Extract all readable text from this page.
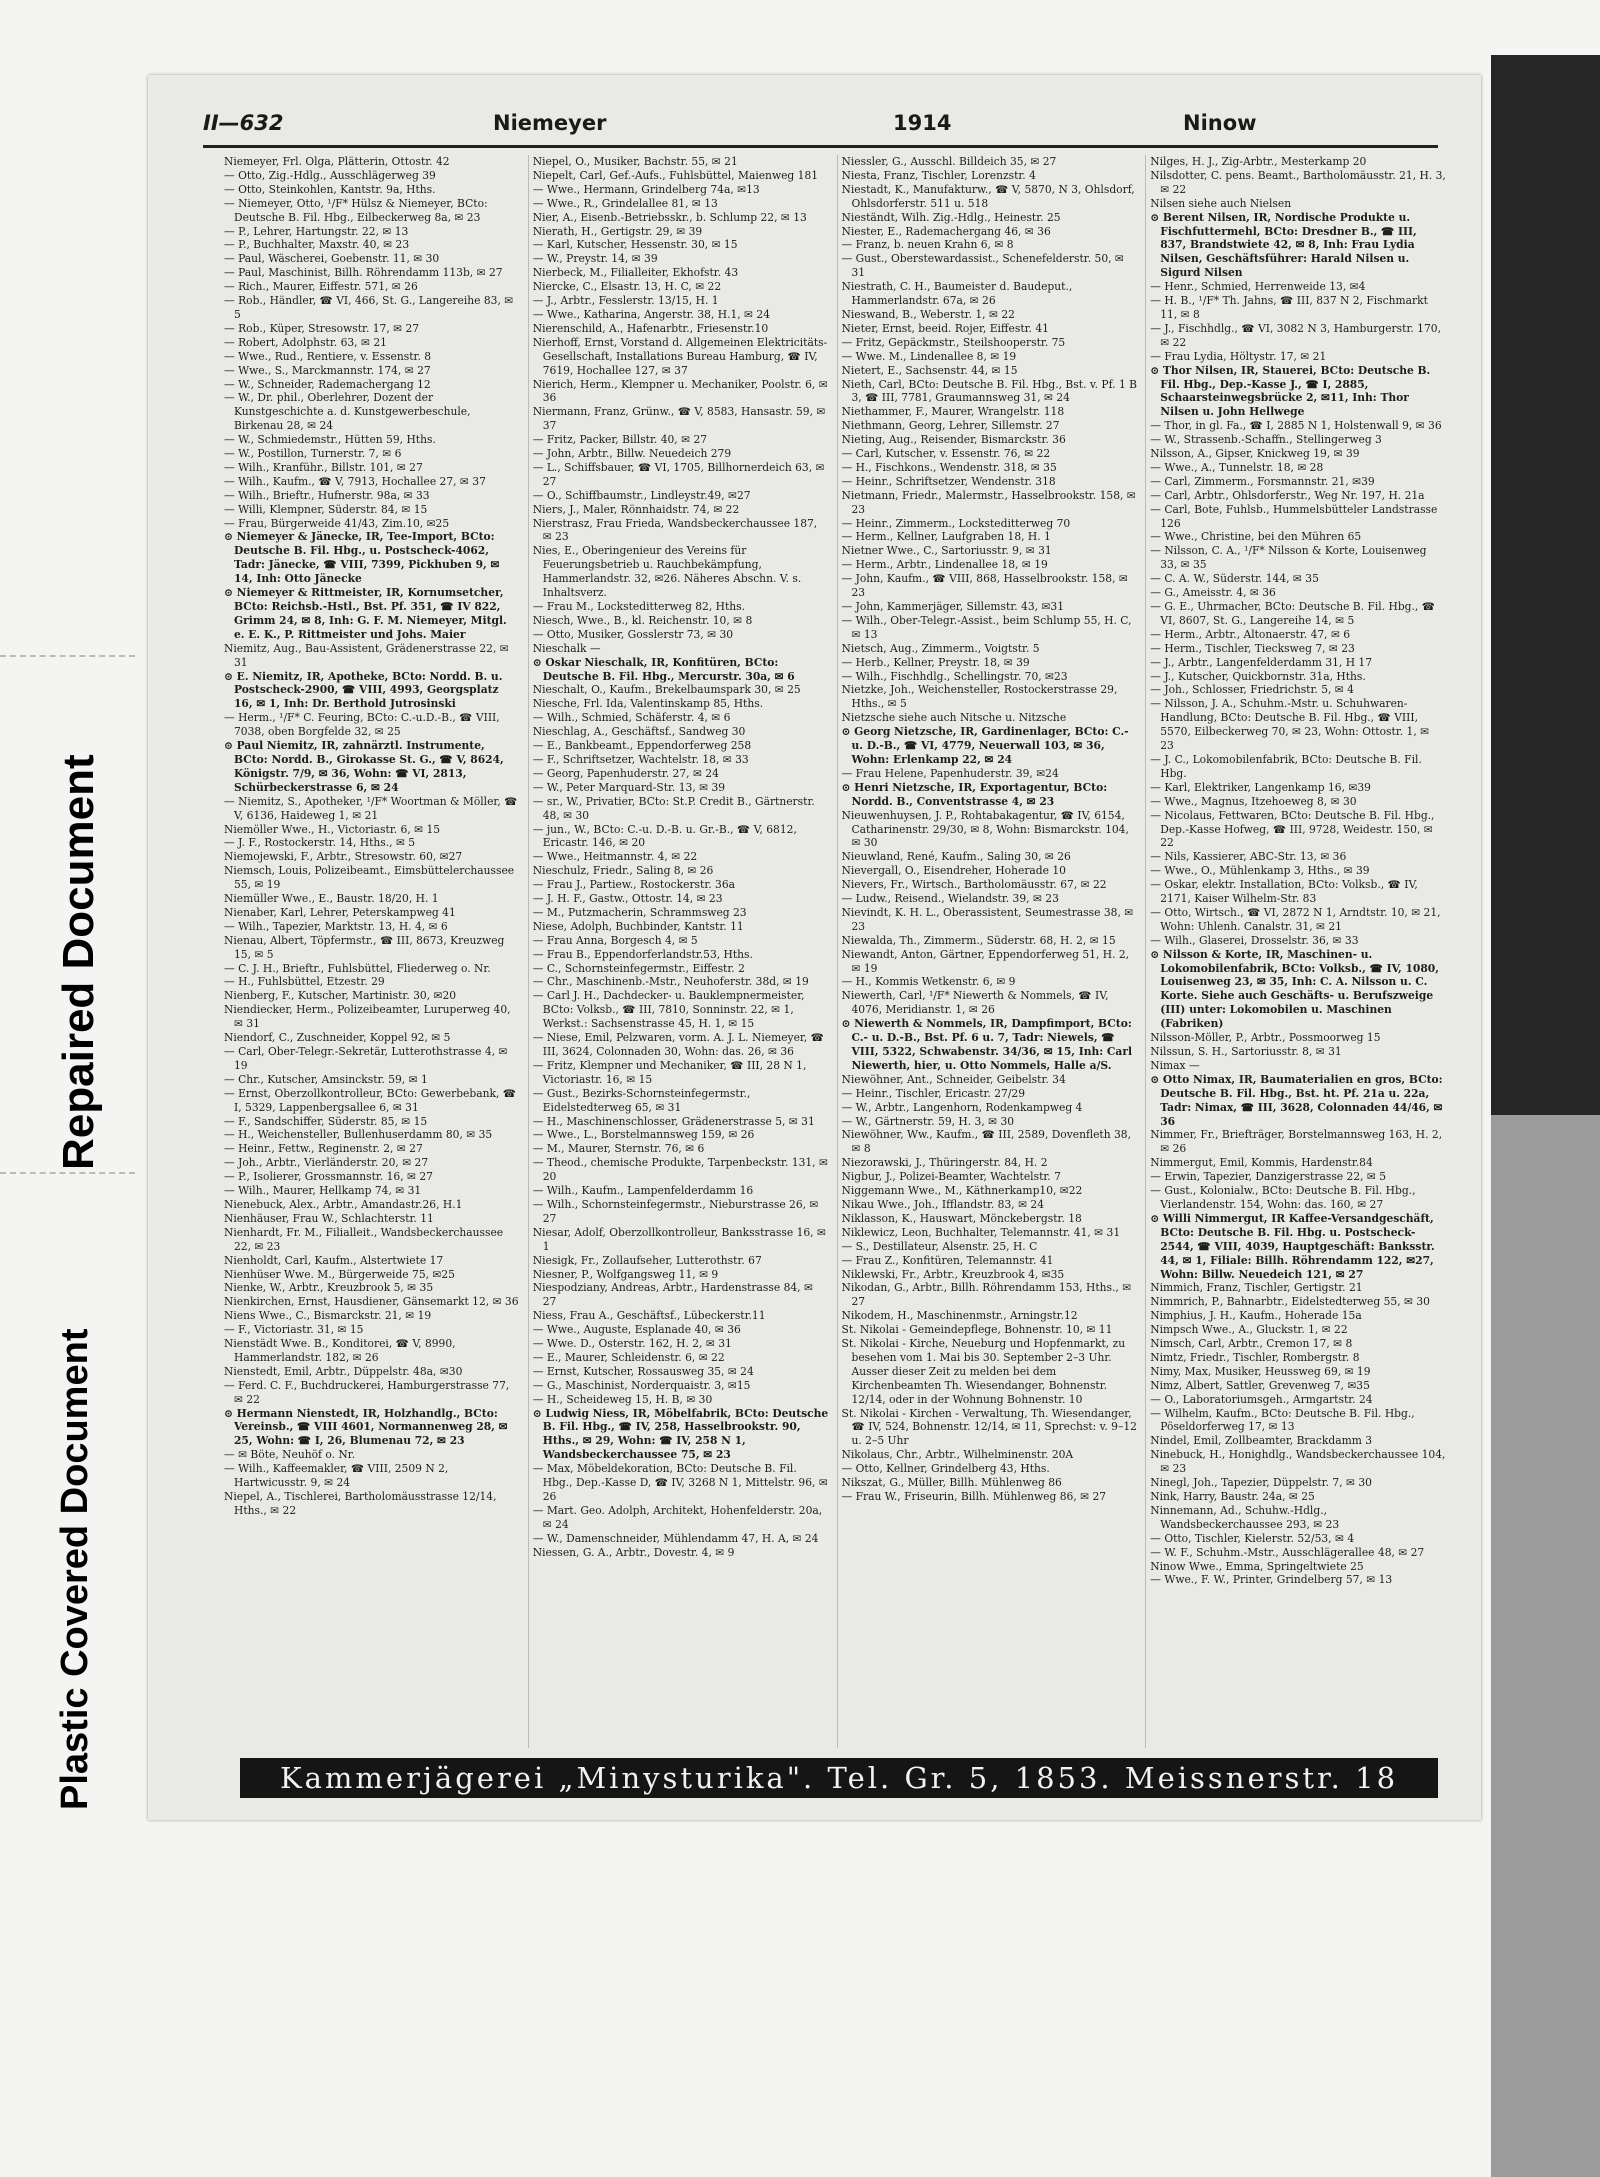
Repaired Document
Plastic Covered Document
II—632	Niemeyer	1914	Ninow

Niemeyer, Frl. Olga, Plätterin, Ottostr. 42

— Otto, Zig.-Hdlg., Ausschlägerweg 39

— Otto, Steinkohlen, Kantstr. 9a, Hths.

— Niemeyer, Otto, ¹/F* Hülsz & Niemeyer, BCto: Deutsche B. Fil. Hbg., Eilbeckerweg 8a, ✉ 23

— P., Lehrer, Hartungstr. 22, ✉ 13

— P., Buchhalter, Maxstr. 40, ✉ 23

— Paul, Wäscherei, Goebenstr. 11, ✉ 30

— Paul, Maschinist, Billh. Röhrendamm 113b, ✉ 27

— Rich., Maurer, Eiffestr. 571, ✉ 26

— Rob., Händler, ☎ VI, 466, St. G., Langereihe 83, ✉ 5

— Rob., Küper, Stresowstr. 17, ✉ 27

— Robert, Adolphstr. 63, ✉ 21

— Wwe., Rud., Rentiere, v. Essenstr. 8

— Wwe., S., Marckmannstr. 174, ✉ 27

— W., Schneider, Rademachergang 12

— W., Dr. phil., Oberlehrer, Dozent der Kunstgeschichte a. d. Kunstgewerbeschule, Birkenau 28, ✉ 24

— W., Schmiedemstr., Hütten 59, Hths.

— W., Postillon, Turnerstr. 7, ✉ 6

— Wilh., Kranführ., Billstr. 101, ✉ 27

— Wilh., Kaufm., ☎ V, 7913, Hochallee 27, ✉ 37

— Wilh., Brieftr., Hufnerstr. 98a, ✉ 33

— Willi, Klempner, Süderstr. 84, ✉ 15

— Frau, Bürgerweide 41/43, Zim.10, ✉25

⊙ Niemeyer & Jänecke, IR, Tee-Import, BCto: Deutsche B. Fil. Hbg., u. Postscheck-4062, Tadr: Jänecke, ☎ VIII, 7399, Pickhuben 9, ✉ 14, Inh: Otto Jänecke

⊙ Niemeyer & Rittmeister, IR, Kornumsetcher, BCto: Reichsb.-Hstl., Bst. Pf. 351, ☎ IV 822, Grimm 24, ✉ 8, Inh: G. F. M. Niemeyer, Mitgl. e. E. K., P. Rittmeister und Johs. Maier

Niemitz, Aug., Bau-Assistent, Grädenerstrasse 22, ✉ 31

⊙ E. Niemitz, IR, Apotheke, BCto: Nordd. B. u. Postscheck-2900, ☎ VIII, 4993, Georgsplatz 16, ✉ 1, Inh: Dr. Berthold Jutrosinski

— Herm., ¹/F* C. Feuring, BCto: C.-u.D.-B., ☎ VIII, 7038, oben Borgfelde 32, ✉ 25

⊙ Paul Niemitz, IR, zahnärztl. Instrumente, BCto: Nordd. B., Girokasse St. G., ☎ V, 8624, Königstr. 7/9, ✉ 36, Wohn: ☎ VI, 2813, Schürbeckerstrasse 6, ✉ 24

— Niemitz, S., Apotheker, ¹/F* Woortman & Möller, ☎ V, 6136, Haideweg 1, ✉ 21

Niemöller Wwe., H., Victoriastr. 6, ✉ 15

— J. F., Rostockerstr. 14, Hths., ✉ 5

Niemojewski, F., Arbtr., Stresowstr. 60, ✉27

Niemsch, Louis, Polizeibeamt., Eimsbüttelerchaussee 55, ✉ 19

Niemüller Wwe., E., Baustr. 18/20, H. 1

Nienaber, Karl, Lehrer, Peterskampweg 41

— Wilh., Tapezier, Marktstr. 13, H. 4, ✉ 6

Nienau, Albert, Töpfermstr., ☎ III, 8673, Kreuzweg 15, ✉ 5

— C. J. H., Brieftr., Fuhlsbüttel, Fliederweg o. Nr.

— H., Fuhlsbüttel, Etzestr. 29

Nienberg, F., Kutscher, Martinistr. 30, ✉20

Niendiecker, Herm., Polizeibeamter, Luruperweg 40, ✉ 31

Niendorf, C., Zuschneider, Koppel 92, ✉ 5

— Carl, Ober-Telegr.-Sekretär, Lutterothstrasse 4, ✉ 19

— Chr., Kutscher, Amsinckstr. 59, ✉ 1

— Ernst, Oberzollkontrolleur, BCto: Gewerbebank, ☎ I, 5329, Lappenbergsallee 6, ✉ 31

— F., Sandschiffer, Süderstr. 85, ✉ 15

— H., Weichensteller, Bullenhuserdamm 80, ✉ 35

— Heinr., Fettw., Reginenstr. 2, ✉ 27

— Joh., Arbtr., Vierländerstr. 20, ✉ 27

— P., Isolierer, Grossmannstr. 16, ✉ 27

— Wilh., Maurer, Hellkamp 74, ✉ 31

Nienebuck, Alex., Arbtr., Amandastr.26, H.1

Nienhäuser, Frau W., Schlachterstr. 11

Nienhardt, Fr. M., Filialleit., Wandsbeckerchaussee 22, ✉ 23

Nienholdt, Carl, Kaufm., Alstertwiete 17

Nienhüser Wwe. M., Bürgerweide 75, ✉25

Nienke, W., Arbtr., Kreuzbrook 5, ✉ 35

Nienkirchen, Ernst, Hausdiener, Gänsemarkt 12, ✉ 36

Niens Wwe., C., Bismarckstr. 21, ✉ 19

— F., Victoriastr. 31, ✉ 15

Nienstädt Wwe. B., Konditorei, ☎ V, 8990, Hammerlandstr. 182, ✉ 26

Nienstedt, Emil, Arbtr., Düppelstr. 48a, ✉30

— Ferd. C. F., Buchdruckerei, Hamburgerstrasse 77, ✉ 22

⊙ Hermann Nienstedt, IR, Holzhandlg., BCto: Vereinsb., ☎ VIII 4601, Normannenweg 28, ✉ 25, Wohn: ☎ I, 26, Blumenau 72, ✉ 23

— ✉ Böte, Neuhöf o. Nr.

— Wilh., Kaffeemakler, ☎ VIII, 2509 N 2, Hartwicusstr. 9, ✉ 24

Niepel, A., Tischlerei, Bartholomäusstrasse 12/14, Hths., ✉ 22

Niepel, O., Musiker, Bachstr. 55, ✉ 21

Niepelt, Carl, Gef.-Aufs., Fuhlsbüttel, Maienweg 181

— Wwe., Hermann, Grindelberg 74a, ✉13

— Wwe., R., Grindelallee 81, ✉ 13

Nier, A., Eisenb.-Betriebsskr., b. Schlump 22, ✉ 13

Nierath, H., Gertigstr. 29, ✉ 39

— Karl, Kutscher, Hessenstr. 30, ✉ 15

— W., Preystr. 14, ✉ 39

Nierbeck, M., Filialleiter, Ekhofstr. 43

Niercke, C., Elsastr. 13, H. C, ✉ 22

— J., Arbtr., Fesslerstr. 13/15, H. 1

— Wwe., Katharina, Angerstr. 38, H.1, ✉ 24

Nierenschild, A., Hafenarbtr., Friesenstr.10

Nierhoff, Ernst, Vorstand d. Allgemeinen Elektricitäts-Gesellschaft, Installations Bureau Hamburg, ☎ IV, 7619, Hochallee 127, ✉ 37

Nierich, Herm., Klempner u. Mechaniker, Poolstr. 6, ✉ 36

Niermann, Franz, Grünw., ☎ V, 8583, Hansastr. 59, ✉ 37

— Fritz, Packer, Billstr. 40, ✉ 27

— John, Arbtr., Billw. Neuedeich 279

— L., Schiffsbauer, ☎ VI, 1705, Billhornerdeich 63, ✉ 27

— O., Schiffbaumstr., Lindleystr.49, ✉27

Niers, J., Maler, Rönnhaidstr. 74, ✉ 22

Nierstrasz, Frau Frieda, Wandsbeckerchaussee 187, ✉ 23

Nies, E., Oberingenieur des Vereins für Feuerungsbetrieb u. Rauchbekämpfung, Hammerlandstr. 32, ✉26. Näheres Abschn. V. s. Inhaltsverz.

— Frau M., Locksteditterweg 82, Hths.

Niesch, Wwe., B., kl. Reichenstr. 10, ✉ 8

— Otto, Musiker, Gosslerstr 73, ✉ 30

Nieschalk —

⊙ Oskar Nieschalk, IR, Konfitüren, BCto: Deutsche B. Fil. Hbg., Mercurstr. 30a, ✉ 6

Nieschalt, O., Kaufm., Brekelbaumspark 30, ✉ 25

Niesche, Frl. Ida, Valentinskamp 85, Hths.

— Wilh., Schmied, Schäferstr. 4, ✉ 6

Nieschlag, A., Geschäftsf., Sandweg 30

— E., Bankbeamt., Eppendorferweg 258

— F., Schriftsetzer, Wachtelstr. 18, ✉ 33

— Georg, Papenhuderstr. 27, ✉ 24

— W., Peter Marquard-Str. 13, ✉ 39

— sr., W., Privatier, BCto: St.P. Credit B., Gärtnerstr. 48, ✉ 30

— jun., W., BCto: C.-u. D.-B. u. Gr.-B., ☎ V, 6812, Ericastr. 146, ✉ 20

— Wwe., Heitmannstr. 4, ✉ 22

Nieschulz, Friedr., Saling 8, ✉ 26

— Frau J., Partiew., Rostockerstr. 36a

— J. H. F., Gastw., Ottostr. 14, ✉ 23

— M., Putzmacherin, Schrammsweg 23

Niese, Adolph, Buchbinder, Kantstr. 11

— Frau Anna, Borgesch 4, ✉ 5

— Frau B., Eppendorferlandstr.53, Hths.

— C., Schornsteinfegermstr., Eiffestr. 2

— Chr., Maschinenb.-Mstr., Neuhoferstr. 38d, ✉ 19

— Carl J. H., Dachdecker- u. Bauklempnermeister, BCto: Volksb., ☎ III, 7810, Sonninstr. 22, ✉ 1, Werkst.: Sachsenstrasse 45, H. 1, ✉ 15

— Niese, Emil, Pelzwaren, vorm. A. J. L. Niemeyer, ☎ III, 3624, Colonnaden 30, Wohn: das. 26, ✉ 36

— Fritz, Klempner und Mechaniker, ☎ III, 28 N 1, Victoriastr. 16, ✉ 15

— Gust., Bezirks-Schornsteinfegermstr., Eidelstedterweg 65, ✉ 31

— H., Maschinenschlosser, Grädenerstrasse 5, ✉ 31

— Wwe., L., Borstelmannsweg 159, ✉ 26

— M., Maurer, Sternstr. 76, ✉ 6

— Theod., chemische Produkte, Tarpenbeckstr. 131, ✉ 20

— Wilh., Kaufm., Lampenfelderdamm 16

— Wilh., Schornsteinfegermstr., Nieburstrasse 26, ✉ 27

Niesar, Adolf, Oberzollkontrolleur, Banksstrasse 16, ✉ 1

Niesigk, Fr., Zollaufseher, Lutterothstr. 67

Niesner, P., Wolfgangsweg 11, ✉ 9

Niespodziany, Andreas, Arbtr., Hardenstrasse 84, ✉ 27

Niess, Frau A., Geschäftsf., Lübeckerstr.11

— Wwe., Auguste, Esplanade 40, ✉ 36

— Wwe. D., Osterstr. 162, H. 2, ✉ 31

— E., Maurer, Schleidenstr. 6, ✉ 22

— Ernst, Kutscher, Rossausweg 35, ✉ 24

— G., Maschinist, Norderquaistr. 3, ✉15

— H., Scheideweg 15, H. B, ✉ 30

⊙ Ludwig Niess, IR, Möbelfabrik, BCto: Deutsche B. Fil. Hbg., ☎ IV, 258, Hasselbrookstr. 90, Hths., ✉ 29, Wohn: ☎ IV, 258 N 1, Wandsbeckerchaussee 75, ✉ 23

— Max, Möbeldekoration, BCto: Deutsche B. Fil. Hbg., Dep.-Kasse D, ☎ IV, 3268 N 1, Mittelstr. 96, ✉ 26

— Mart. Geo. Adolph, Architekt, Hohenfelderstr. 20a, ✉ 24

— W., Damenschneider, Mühlendamm 47, H. A, ✉ 24

Niessen, G. A., Arbtr., Dovestr. 4, ✉ 9

Niessler, G., Ausschl. Billdeich 35, ✉ 27

Niesta, Franz, Tischler, Lorenzstr. 4

Niestadt, K., Manufakturw., ☎ V, 5870, N 3, Ohlsdorf, Ohlsdorferstr. 511 u. 518

Nieständt, Wilh. Zig.-Hdlg., Heinestr. 25

Niester, E., Rademachergang 46, ✉ 36

— Franz, b. neuen Krahn 6, ✉ 8

— Gust., Oberstewardassist., Schenefelderstr. 50, ✉ 31

Niestrath, C. H., Baumeister d. Baudeput., Hammerlandstr. 67a, ✉ 26

Nieswand, B., Weberstr. 1, ✉ 22

Nieter, Ernst, beeid. Rojer, Eiffestr. 41

— Fritz, Gepäckmstr., Steilshooperstr. 75

— Wwe. M., Lindenallee 8, ✉ 19

Nietert, E., Sachsenstr. 44, ✉ 15

Nieth, Carl, BCto: Deutsche B. Fil. Hbg., Bst. v. Pf. 1 B 3, ☎ III, 7781, Graumannsweg 31, ✉ 24

Niethammer, F., Maurer, Wrangelstr. 118

Niethmann, Georg, Lehrer, Sillemstr. 27

Nieting, Aug., Reisender, Bismarckstr. 36

— Carl, Kutscher, v. Essenstr. 76, ✉ 22

— H., Fischkons., Wendenstr. 318, ✉ 35

— Heinr., Schriftsetzer, Wendenstr. 318

Nietmann, Friedr., Malermstr., Hasselbrookstr. 158, ✉ 23

— Heinr., Zimmerm., Locksteditterweg 70

— Herm., Kellner, Laufgraben 18, H. 1

Nietner Wwe., C., Sartoriusstr. 9, ✉ 31

— Herm., Arbtr., Lindenallee 18, ✉ 19

— John, Kaufm., ☎ VIII, 868, Hasselbrookstr. 158, ✉ 23

— John, Kammerjäger, Sillemstr. 43, ✉31

— Wilh., Ober-Telegr.-Assist., beim Schlump 55, H. C, ✉ 13

Nietsch, Aug., Zimmerm., Voigtstr. 5

— Herb., Kellner, Preystr. 18, ✉ 39

— Wilh., Fischhdlg., Schellingstr. 70, ✉23

Nietzke, Joh., Weichensteller, Rostockerstrasse 29, Hths., ✉ 5

Nietzsche siehe auch Nitsche u. Nitzsche

⊙ Georg Nietzsche, IR, Gardinenlager, BCto: C.- u. D.-B., ☎ VI, 4779, Neuerwall 103, ✉ 36, Wohn: Erlenkamp 22, ✉ 24

— Frau Helene, Papenhuderstr. 39, ✉24

⊙ Henri Nietzsche, IR, Exportagentur, BCto: Nordd. B., Conventstrasse 4, ✉ 23

Nieuwenhuysen, J. P., Rohtabakagentur, ☎ IV, 6154, Catharinenstr. 29/30, ✉ 8, Wohn: Bismarckstr. 104, ✉ 30

Nieuwland, René, Kaufm., Saling 30, ✉ 26

Nievergall, O., Eisendreher, Hoherade 10

Nievers, Fr., Wirtsch., Bartholomäusstr. 67, ✉ 22

— Ludw., Reisend., Wielandstr. 39, ✉ 23

Nievindt, K. H. L., Oberassistent, Seumestrasse 38, ✉ 23

Niewalda, Th., Zimmerm., Süderstr. 68, H. 2, ✉ 15

Niewandt, Anton, Gärtner, Eppendorferweg 51, H. 2, ✉ 19

— H., Kommis Wetkenstr. 6, ✉ 9

Niewerth, Carl, ¹/F* Niewerth & Nommels, ☎ IV, 4076, Meridianstr. 1, ✉ 26

⊙ Niewerth & Nommels, IR, Dampfimport, BCto: C.- u. D.-B., Bst. Pf. 6 u. 7, Tadr: Niewels, ☎ VIII, 5322, Schwabenstr. 34/36, ✉ 15, Inh: Carl Niewerth, hier, u. Otto Nommels, Halle a/S.

Niewöhner, Ant., Schneider, Geibelstr. 34

— Heinr., Tischler, Ericastr. 27/29

— W., Arbtr., Langenhorn, Rodenkampweg 4

— W., Gärtnerstr. 59, H. 3, ✉ 30

Niewöhner, Ww., Kaufm., ☎ III, 2589, Dovenfleth 38, ✉ 8

Niezorawski, J., Thüringerstr. 84, H. 2

Nigbur, J., Polizei-Beamter, Wachtelstr. 7

Niggemann Wwe., M., Käthnerkamp10, ✉22

Nikau Wwe., Joh., Ifflandstr. 83, ✉ 24

Niklasson, K., Hauswart, Mönckebergstr. 18

Niklewicz, Leon, Buchhalter, Telemannstr. 41, ✉ 31

— S., Destillateur, Alsenstr. 25, H. C

— Frau Z., Konfitüren, Telemannstr. 41

Niklewski, Fr., Arbtr., Kreuzbrook 4, ✉35

Nikodan, G., Arbtr., Billh. Röhrendamm 153, Hths., ✉ 27

Nikodem, H., Maschinenmstr., Arningstr.12

St. Nikolai - Gemeindepflege, Bohnenstr. 10, ✉ 11

St. Nikolai - Kirche, Neueburg und Hopfenmarkt, zu besehen vom 1. Mai bis 30. September 2–3 Uhr. Ausser dieser Zeit zu melden bei dem Kirchenbeamten Th. Wiesendanger, Bohnenstr. 12/14, oder in der Wohnung Bohnenstr. 10

St. Nikolai - Kirchen - Verwaltung, Th. Wiesendanger, ☎ IV, 524, Bohnenstr. 12/14, ✉ 11, Sprechst: v. 9–12 u. 2–5 Uhr

Nikolaus, Chr., Arbtr., Wilhelminenstr. 20A

— Otto, Kellner, Grindelberg 43, Hths.

Nikszat, G., Müller, Billh. Mühlenweg 86

— Frau W., Friseurin, Billh. Mühlenweg 86, ✉ 27

Nilges, H. J., Zig-Arbtr., Mesterkamp 20

Nilsdotter, C. pens. Beamt., Bartholomäusstr. 21, H. 3, ✉ 22

Nilsen siehe auch Nielsen

⊙ Berent Nilsen, IR, Nordische Produkte u. Fischfuttermehl, BCto: Dresdner B., ☎ III, 837, Brandstwiete 42, ✉ 8, Inh: Frau Lydia Nilsen, Geschäftsführer: Harald Nilsen u. Sigurd Nilsen

— Henr., Schmied, Herrenweide 13, ✉4

— H. B., ¹/F* Th. Jahns, ☎ III, 837 N 2, Fischmarkt 11, ✉ 8

— J., Fischhdlg., ☎ VI, 3082 N 3, Hamburgerstr. 170, ✉ 22

— Frau Lydia, Höltystr. 17, ✉ 21

⊙ Thor Nilsen, IR, Stauerei, BCto: Deutsche B. Fil. Hbg., Dep.-Kasse J., ☎ I, 2885, Schaarsteinwegsbrücke 2, ✉11, Inh: Thor Nilsen u. John Hellwege

— Thor, in gl. Fa., ☎ I, 2885 N 1, Holstenwall 9, ✉ 36

— W., Strassenb.-Schaffn., Stellingerweg 3

Nilsson, A., Gipser, Knickweg 19, ✉ 39

— Wwe., A., Tunnelstr. 18, ✉ 28

— Carl, Zimmerm., Forsmannstr. 21, ✉39

— Carl, Arbtr., Ohlsdorferstr., Weg Nr. 197, H. 21a

— Carl, Bote, Fuhlsb., Hummelsbütteler Landstrasse 126

— Wwe., Christine, bei den Mühren 65

— Nilsson, C. A., ¹/F* Nilsson & Korte, Louisenweg 33, ✉ 35

— C. A. W., Süderstr. 144, ✉ 35

— G., Ameisstr. 4, ✉ 36

— G. E., Uhrmacher, BCto: Deutsche B. Fil. Hbg., ☎ VI, 8607, St. G., Langereihe 14, ✉ 5

— Herm., Arbtr., Altonaerstr. 47, ✉ 6

— Herm., Tischler, Tiecksweg 7, ✉ 23

— J., Arbtr., Langenfelderdamm 31, H 17

— J., Kutscher, Quickbornstr. 31a, Hths.

— Joh., Schlosser, Friedrichstr. 5, ✉ 4

— Nilsson, J. A., Schuhm.-Mstr. u. Schuhwaren-Handlung, BCto: Deutsche B. Fil. Hbg., ☎ VIII, 5570, Eilbeckerweg 70, ✉ 23, Wohn: Ottostr. 1, ✉ 23

— J. C., Lokomobilenfabrik, BCto: Deutsche B. Fil. Hbg.

— Karl, Elektriker, Langenkamp 16, ✉39

— Wwe., Magnus, Itzehoeweg 8, ✉ 30

— Nicolaus, Fettwaren, BCto: Deutsche B. Fil. Hbg., Dep.-Kasse Hofweg, ☎ III, 9728, Weidestr. 150, ✉ 22

— Nils, Kassierer, ABC-Str. 13, ✉ 36

— Wwe., O., Mühlenkamp 3, Hths., ✉ 39

— Oskar, elektr. Installation, BCto: Volksb., ☎ IV, 2171, Kaiser Wilhelm-Str. 83

— Otto, Wirtsch., ☎ VI, 2872 N 1, Arndtstr. 10, ✉ 21, Wohn: Uhlenh. Canalstr. 31, ✉ 21

— Wilh., Glaserei, Drosselstr. 36, ✉ 33

⊙ Nilsson & Korte, IR, Maschinen- u. Lokomobilenfabrik, BCto: Volksb., ☎ IV, 1080, Louisenweg 23, ✉ 35, Inh: C. A. Nilsson u. C. Korte. Siehe auch Geschäfts- u. Berufszweige (III) unter: Lokomobilen u. Maschinen (Fabriken)

Nilsson-Möller, P., Arbtr., Possmoorweg 15

Nilssun, S. H., Sartoriusstr. 8, ✉ 31

Nimax —

⊙ Otto Nimax, IR, Baumaterialien en gros, BCto: Deutsche B. Fil. Hbg., Bst. ht. Pf. 21a u. 22a, Tadr: Nimax, ☎ III, 3628, Colonnaden 44/46, ✉ 36

Nimmer, Fr., Briefträger, Borstelmannsweg 163, H. 2, ✉ 26

Nimmergut, Emil, Kommis, Hardenstr.84

— Erwin, Tapezier, Danzigerstrasse 22, ✉ 5

— Gust., Kolonialw., BCto: Deutsche B. Fil. Hbg., Vierlandenstr. 154, Wohn: das. 160, ✉ 27

⊙ Willi Nimmergut, IR Kaffee-Versandgeschäft, BCto: Deutsche B. Fil. Hbg. u. Postscheck-2544, ☎ VIII, 4039, Hauptgeschäft: Banksstr. 44, ✉ 1, Filiale: Billh. Röhrendamm 122, ✉27, Wohn: Billw. Neuedeich 121, ✉ 27

Nimmich, Franz, Tischler, Gertigstr. 21

Nimmrich, P., Bahnarbtr., Eidelstedterweg 55, ✉ 30

Nimphius, J. H., Kaufm., Hoherade 15a

Nimpsch Wwe., A., Gluckstr. 1, ✉ 22

Nimsch, Carl, Arbtr., Cremon 17, ✉ 8

Nimtz, Friedr., Tischler, Rombergstr. 8

Nimy, Max, Musiker, Heussweg 69, ✉ 19

Nimz, Albert, Sattler, Grevenweg 7, ✉35

— O., Laboratoriumsgeh., Armgartstr. 24

— Wilhelm, Kaufm., BCto: Deutsche B. Fil. Hbg., Pöseldorferweg 17, ✉ 13

Nindel, Emil, Zollbeamter, Brackdamm 3

Ninebuck, H., Honighdlg., Wandsbeckerchaussee 104, ✉ 23

Ninegl, Joh., Tapezier, Düppelstr. 7, ✉ 30

Nink, Harry, Baustr. 24a, ✉ 25

Ninnemann, Ad., Schuhw.-Hdlg., Wandsbeckerchaussee 293, ✉ 23

— Otto, Tischler, Kielerstr. 52/53, ✉ 4

— W. F., Schuhm.-Mstr., Ausschlägerallee 48, ✉ 27

Ninow Wwe., Emma, Springeltwiete 25

— Wwe., F. W., Printer, Grindelberg 57, ✉ 13

Kammerjägerei „Minysturika". Tel. Gr. 5, 1853. Meissnerstr. 18
